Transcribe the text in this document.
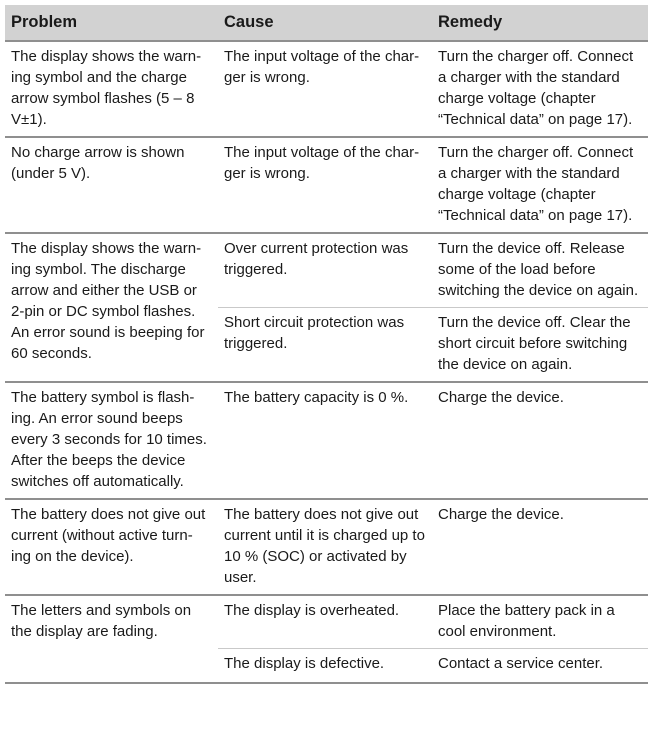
Problem	Cause	Remedy
The display shows the warn-ing symbol and the charge arrow symbol flashes (5 – 8 V±1).	The input voltage of the char-ger is wrong.	Turn the charger off. Connect a charger with the standard charge voltage (chapter “Technical data” on page 17).
No charge arrow is shown (under 5 V).	The input voltage of the char-ger is wrong.	Turn the charger off. Connect a charger with the standard charge voltage (chapter “Technical data” on page 17).
The display shows the warn-ing symbol. The discharge arrow and either the USB or 2-pin or DC symbol flashes. An error sound is beeping for 60 seconds.	Over current protection was triggered.	Turn the device off. Release some of the load before switching the device on again.
	Short circuit protection was triggered.	Turn the device off. Clear the short circuit before switching the device on again.
The battery symbol is flash-ing. An error sound beeps every 3 seconds for 10 times. After the beeps the device switches off automatically.	The battery capacity is 0 %.	Charge the device.
The battery does not give out current (without active turn-ing on the device).	The battery does not give out current until it is charged up to 10 % (SOC) or activated by user.	Charge the device.
The letters and symbols on the display are fading.	The display is overheated.	Place the battery pack in a cool environment.
	The display is defective.	Contact a service center.
